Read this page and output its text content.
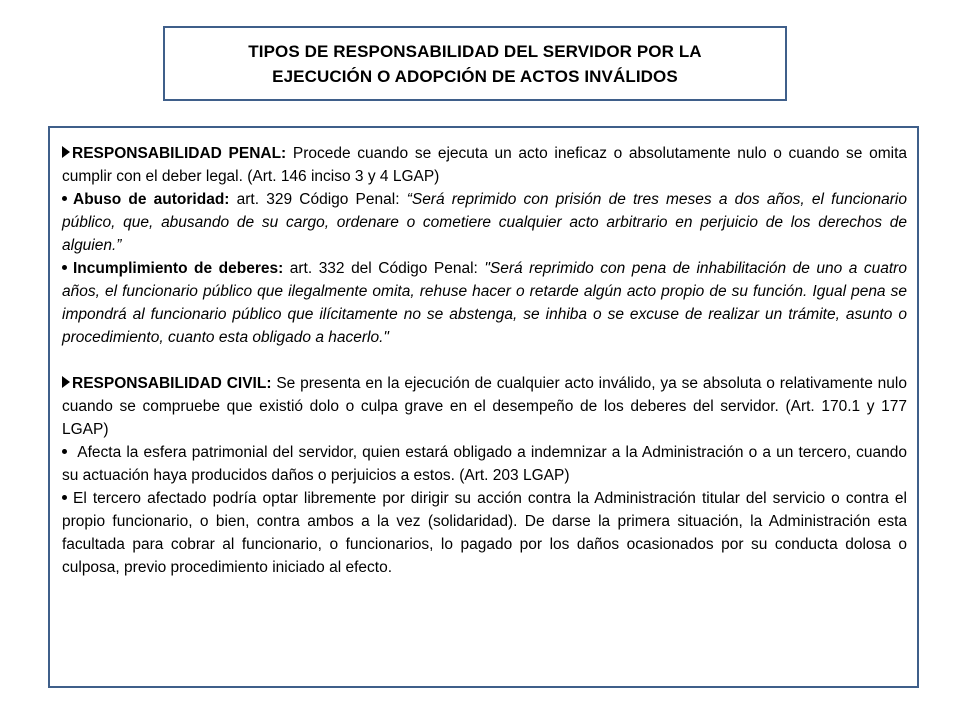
TIPOS DE RESPONSABILIDAD DEL SERVIDOR POR LA
EJECUCIÓN O ADOPCIÓN DE ACTOS INVÁLIDOS

RESPONSABILIDAD PENAL: Procede cuando se ejecuta un acto ineficaz o absolutamente nulo o cuando se omita cumplir con el deber legal. (Art. 146 inciso 3 y 4 LGAP)

Abuso de autoridad: art. 329 Código Penal: “Será reprimido con prisión de tres meses a dos años, el funcionario público, que, abusando de su cargo, ordenare o cometiere cualquier acto arbitrario en perjuicio de los derechos de alguien.”

Incumplimiento de deberes: art. 332 del Código Penal: "Será reprimido con pena de inhabilitación de uno a cuatro años, el funcionario público que ilegalmente omita, rehuse hacer o retarde algún acto propio de su función. Igual pena se impondrá al funcionario público que ilícitamente no se abstenga, se inhiba o se excuse de realizar un trámite, asunto o procedimiento, cuanto esta obligado a hacerlo."

RESPONSABILIDAD CIVIL: Se presenta en la ejecución de cualquier acto inválido, ya se absoluta o relativamente nulo cuando se compruebe que existió dolo o culpa grave en el desempeño de los deberes del servidor. (Art. 170.1 y 177 LGAP)

Afecta la esfera patrimonial del servidor, quien estará obligado a indemnizar a la Administración o a un tercero, cuando su actuación haya producidos daños o perjuicios a estos. (Art. 203 LGAP)

El tercero afectado podría optar libremente por dirigir su acción contra la Administración titular del servicio o contra el propio funcionario, o bien, contra ambos a la vez (solidaridad). De darse la primera situación, la Administración esta facultada para cobrar al funcionario, o funcionarios, lo pagado por los daños ocasionados por su conducta dolosa o culposa, previo procedimiento iniciado al efecto.
